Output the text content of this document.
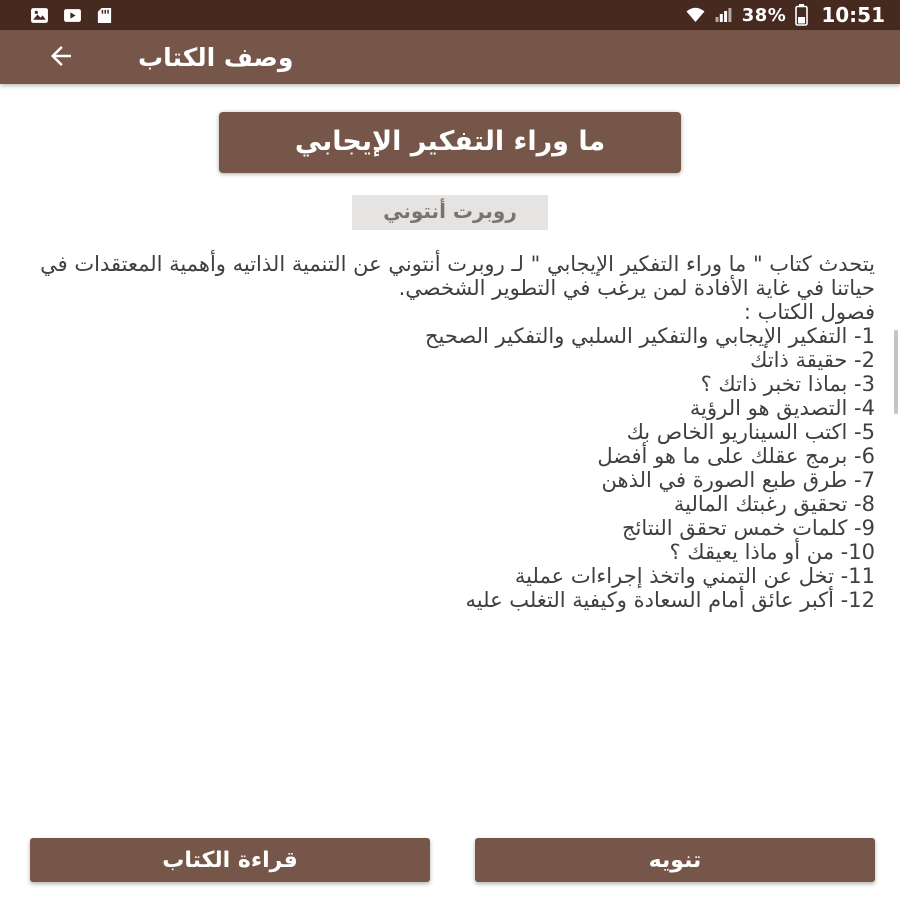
38% 10:51
وصف الكتاب
ما وراء التفكير الإيجابي
روبرت أنتوني

يتحدث كتاب " ما وراء التفكير الإيجابي " لـ روبرت أنتوني عن التنمية الذاتيه وأهمية المعتقدات في حياتنا في غاية الأفادة لمن يرغب في التطوير الشخصي.

فصول الكتاب :
1- التفكير الإيجابي والتفكير السلبي والتفكير الصحيح
2- حقيقة ذاتك
3- بماذا تخبر ذاتك ؟
4- التصديق هو الرؤية
5- اكتب السيناريو الخاص بك
6- برمج عقلك على ما هو أفضل
7- طرق طبع الصورة في الذهن
8- تحقيق رغبتك المالية
9- كلمات خمس تحقق النتائج
10- من أو ماذا يعيقك ؟
11- تخل عن التمني واتخذ إجراءات عملية
12- أكبر عائق أمام السعادة وكيفية التغلب عليه
قراءة الكتاب	تنويه
